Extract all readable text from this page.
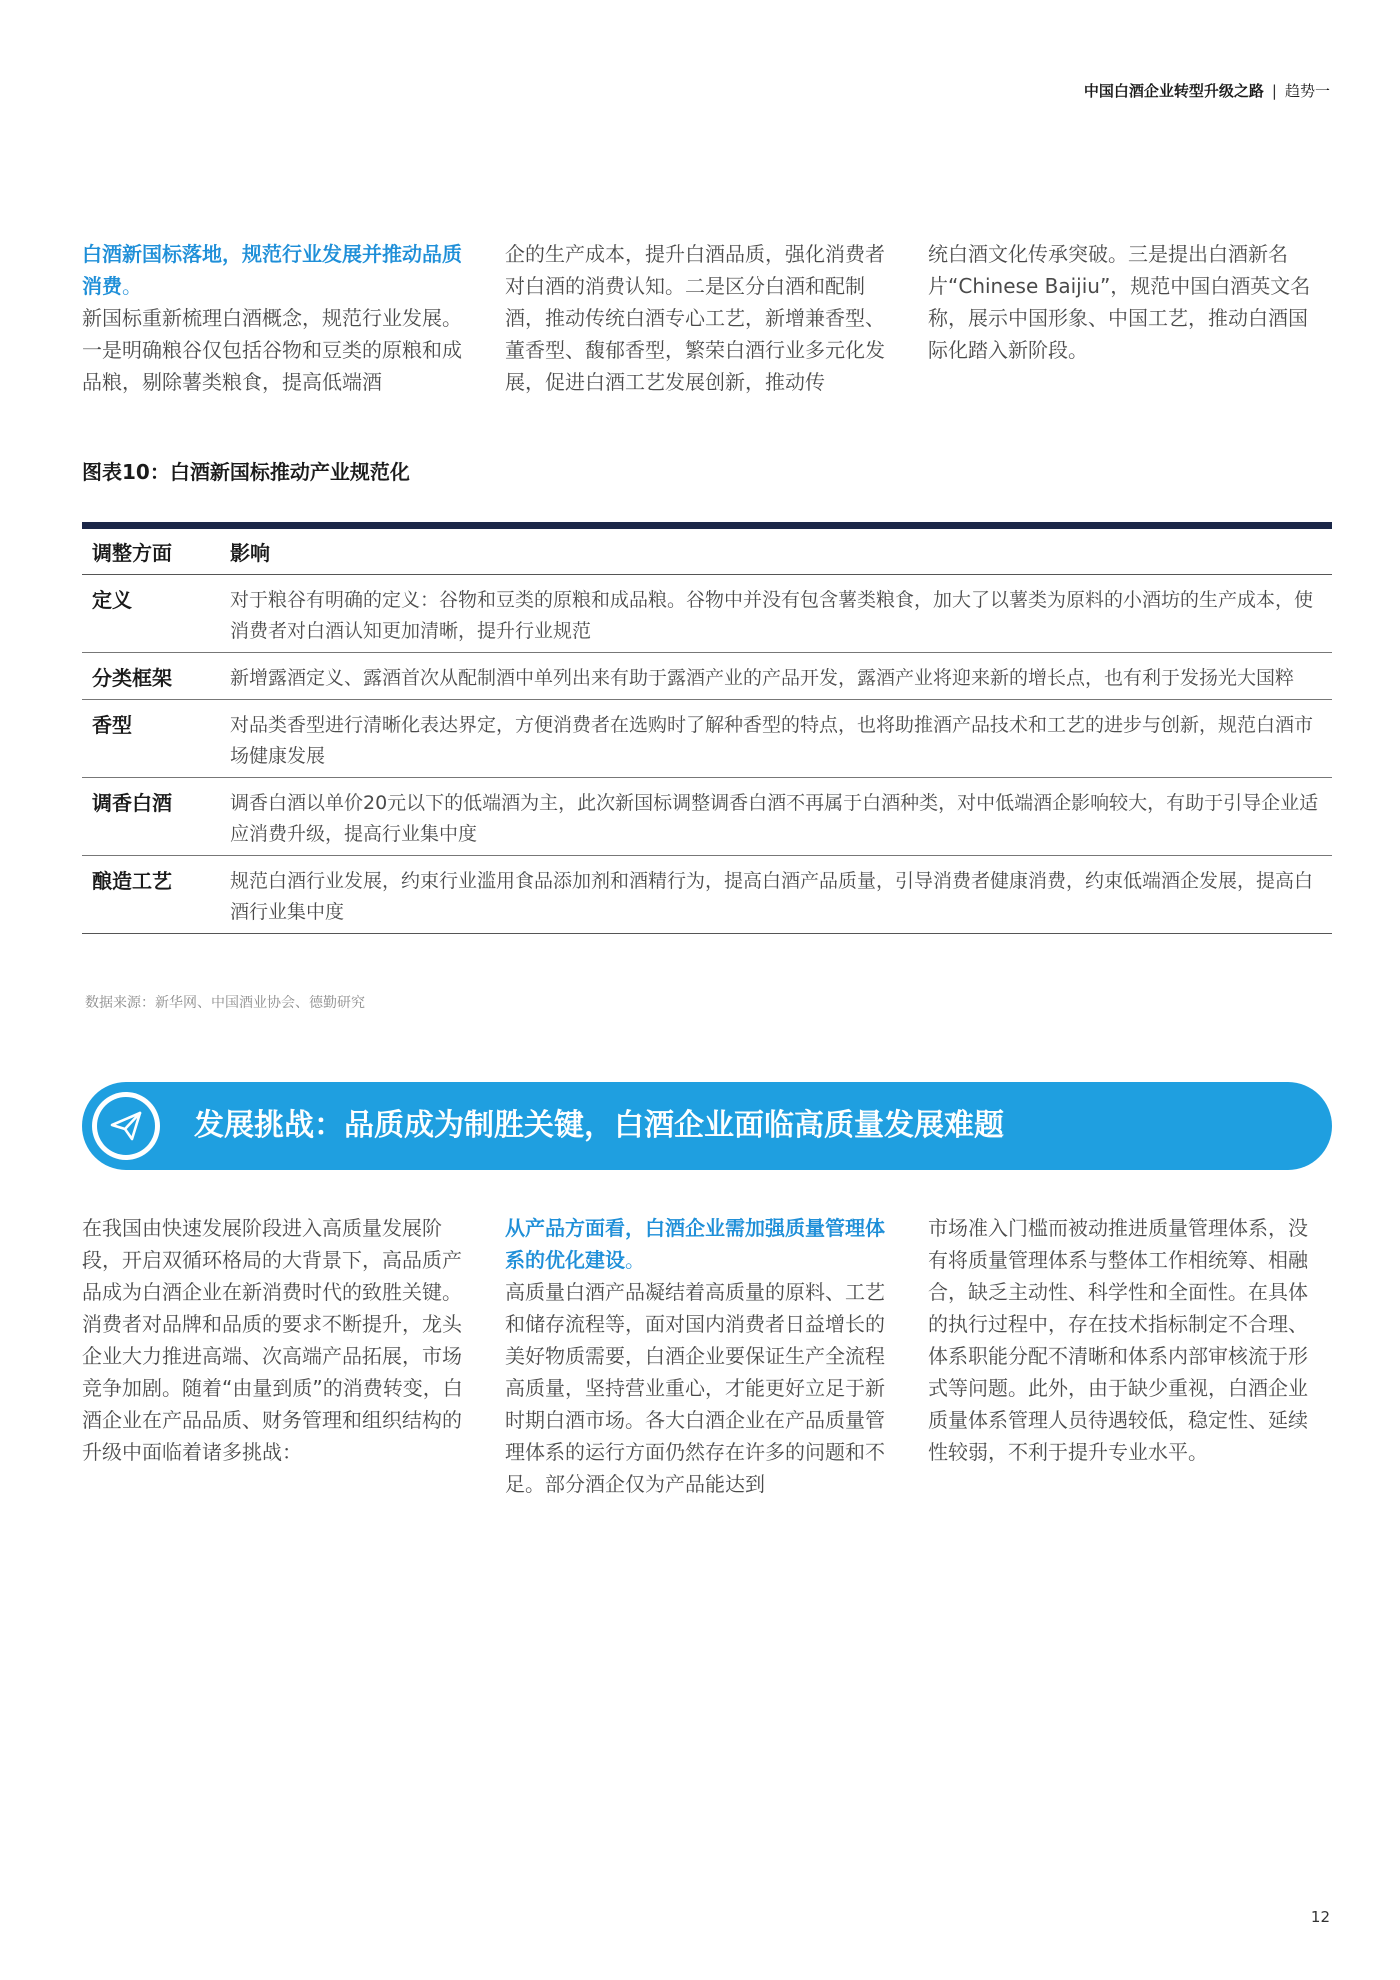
中国白酒企业转型升级之路 | 趋势一
白酒新国标落地，规范行业发展并推动品质消费。
新国标重新梳理白酒概念，规范行业发展。一是明确粮谷仅包括谷物和豆类的原粮和成品粮，剔除薯类粮食，提高低端酒
企的生产成本，提升白酒品质，强化消费者对白酒的消费认知。二是区分白酒和配制酒，推动传统白酒专心工艺，新增兼香型、董香型、馥郁香型，繁荣白酒行业多元化发展，促进白酒工艺发展创新，推动传
统白酒文化传承突破。三是提出白酒新名片“Chinese Baijiu”，规范中国白酒英文名称，展示中国形象、中国工艺，推动白酒国际化踏入新阶段。
图表10：白酒新国标推动产业规范化
调整方面	影响
定义	对于粮谷有明确的定义：谷物和豆类的原粮和成品粮。谷物中并没有包含薯类粮食，加大了以薯类为原料的小酒坊的生产成本，使消费者对白酒认知更加清晰，提升行业规范
分类框架	新增露酒定义、露酒首次从配制酒中单列出来有助于露酒产业的产品开发，露酒产业将迎来新的增长点，也有利于发扬光大国粹
香型	对品类香型进行清晰化表达界定，方便消费者在选购时了解种香型的特点，也将助推酒产品技术和工艺的进步与创新，规范白酒市场健康发展
调香白酒	调香白酒以单价20元以下的低端酒为主，此次新国标调整调香白酒不再属于白酒种类，对中低端酒企影响较大，有助于引导企业适应消费升级，提高行业集中度
酿造工艺	规范白酒行业发展，约束行业滥用食品添加剂和酒精行为，提高白酒产品质量，引导消费者健康消费，约束低端酒企发展，提高白酒行业集中度
数据来源：新华网、中国酒业协会、德勤研究
发展挑战：品质成为制胜关键，白酒企业面临高质量发展难题
在我国由快速发展阶段进入高质量发展阶段，开启双循环格局的大背景下，高品质产品成为白酒企业在新消费时代的致胜关键。消费者对品牌和品质的要求不断提升，龙头企业大力推进高端、次高端产品拓展，市场竞争加剧。随着“由量到质”的消费转变，白酒企业在产品品质、财务管理和组织结构的升级中面临着诸多挑战：
从产品方面看，白酒企业需加强质量管理体系的优化建设。
高质量白酒产品凝结着高质量的原料、工艺和储存流程等，面对国内消费者日益增长的美好物质需要，白酒企业要保证生产全流程高质量，坚持营业重心，才能更好立足于新时期白酒市场。各大白酒企业在产品质量管理体系的运行方面仍然存在许多的问题和不足。部分酒企仅为产品能达到
市场准入门槛而被动推进质量管理体系，没有将质量管理体系与整体工作相统筹、相融合，缺乏主动性、科学性和全面性。在具体的执行过程中，存在技术指标制定不合理、体系职能分配不清晰和体系内部审核流于形式等问题。此外，由于缺少重视，白酒企业质量体系管理人员待遇较低，稳定性、延续性较弱，不利于提升专业水平。
12
